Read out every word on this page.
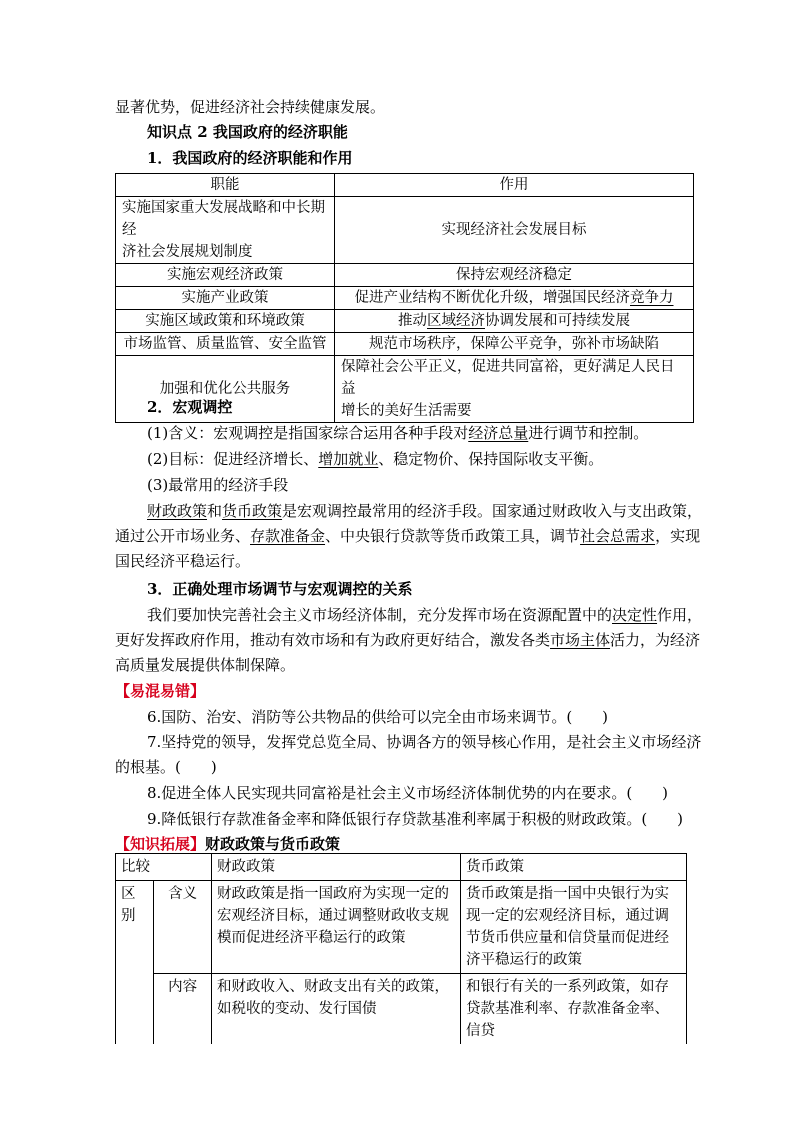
显著优势，促进经济社会持续健康发展。
知识点 2 我国政府的经济职能
1．我国政府的经济职能和作用
职能	作用

实施国家重大发展战略和中长期经
济社会发展规划制度	实现经济社会发展目标
实施宏观经济政策	保持宏观经济稳定
实施产业政策	促进产业结构不断优化升级，增强国民经济竞争力
实施区域政策和环境政策	推动区域经济协调发展和可持续发展
市场监管、质量监管、安全监管	规范市场秩序，保障公平竞争，弥补市场缺陷
加强和优化公共服务	保障社会公平正义，促进共同富裕，更好满足人民日益
增长的美好生活需要
2．宏观调控
(1)含义：宏观调控是指国家综合运用各种手段对经济总量进行调节和控制。
(2)目标：促进经济增长、增加就业、稳定物价、保持国际收支平衡。
(3)最常用的经济手段
财政政策和货币政策是宏观调控最常用的经济手段。国家通过财政收入与支出政策，
通过公开市场业务、存款准备金、中央银行贷款等货币政策工具，调节社会总需求，实现
国民经济平稳运行。
3．正确处理市场调节与宏观调控的关系
我们要加快完善社会主义市场经济体制，充分发挥市场在资源配置中的决定性作用，
更好发挥政府作用，推动有效市场和有为政府更好结合，激发各类市场主体活力，为经济
高质量发展提供体制保障。
【易混易错】
6.国防、治安、消防等公共物品的供给可以完全由市场来调节。(　　)
7.坚持党的领导，发挥党总览全局、协调各方的领导核心作用，是社会主义市场经济
的根基。(　　)
8.促进全体人民实现共同富裕是社会主义市场经济体制优势的内在要求。(　　)
9.降低银行存款准备金率和降低银行存贷款基准利率属于积极的财政政策。(　　)
【知识拓展】财政政策与货币政策
比较		财政政策	货币政策
区
别	含义	财政政策是指一国政府为实现一定的宏观经济目标，通过调整财政收支规模而促进经济平稳运行的政策	货币政策是指一国中央银行为实现一定的宏观经济目标，通过调节货币供应量和信贷量而促进经济平稳运行的政策
	内容	和财政收入、财政支出有关的政策，如税收的变动、发行国债	和银行有关的一系列政策，如存贷款基准利率、存款准备金率、信贷
